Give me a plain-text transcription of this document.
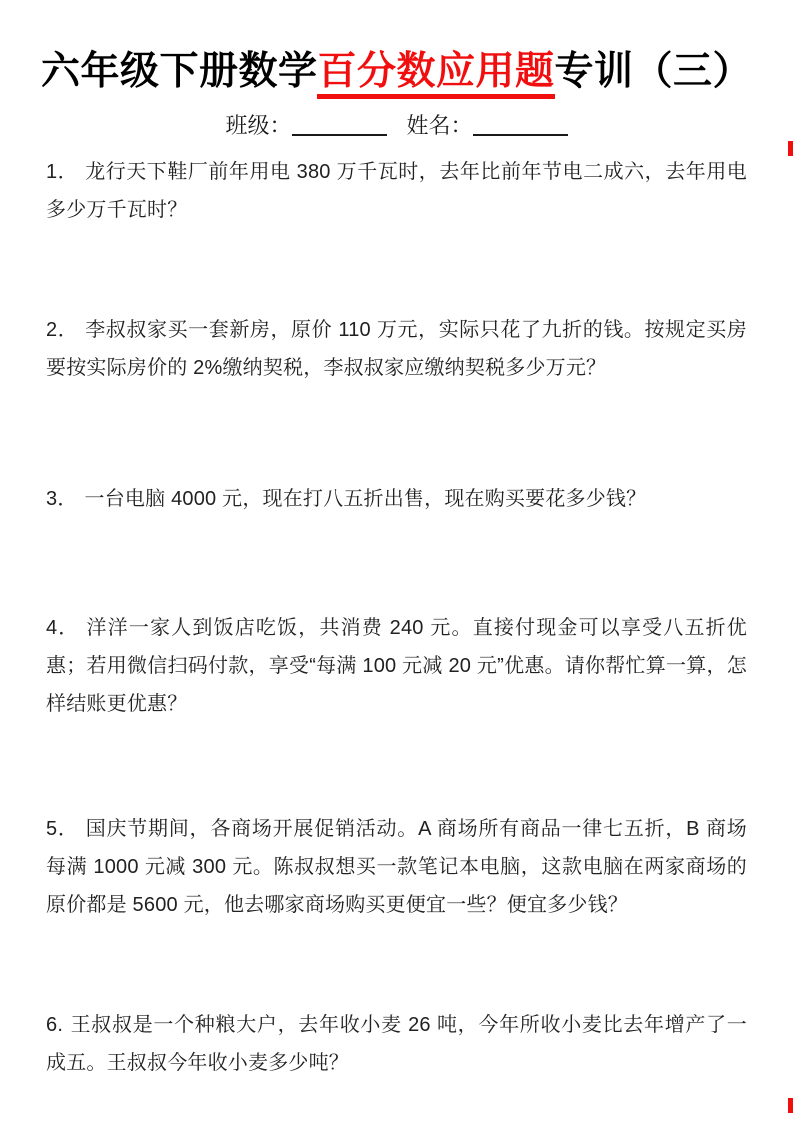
六年级下册数学百分数应用题专训（三）
班级：	姓名：
1． 龙行天下鞋厂前年用电 380 万千瓦时，去年比前年节电二成六，去年用电多少万千瓦时？
2． 李叔叔家买一套新房，原价 110 万元，实际只花了九折的钱。按规定买房要按实际房价的 2%缴纳契税，李叔叔家应缴纳契税多少万元？
3． 一台电脑 4000 元，现在打八五折出售，现在购买要花多少钱？
4． 洋洋一家人到饭店吃饭，共消费 240 元。直接付现金可以享受八五折优惠；若用微信扫码付款，享受“每满 100 元减 20 元”优惠。请你帮忙算一算，怎样结账更优惠？
5． 国庆节期间，各商场开展促销活动。A 商场所有商品一律七五折，B 商场每满 1000 元减 300 元。陈叔叔想买一款笔记本电脑，这款电脑在两家商场的原价都是 5600 元，他去哪家商场购买更便宜一些？便宜多少钱？
6. 王叔叔是一个种粮大户，去年收小麦 26 吨，今年所收小麦比去年增产了一成五。王叔叔今年收小麦多少吨？
